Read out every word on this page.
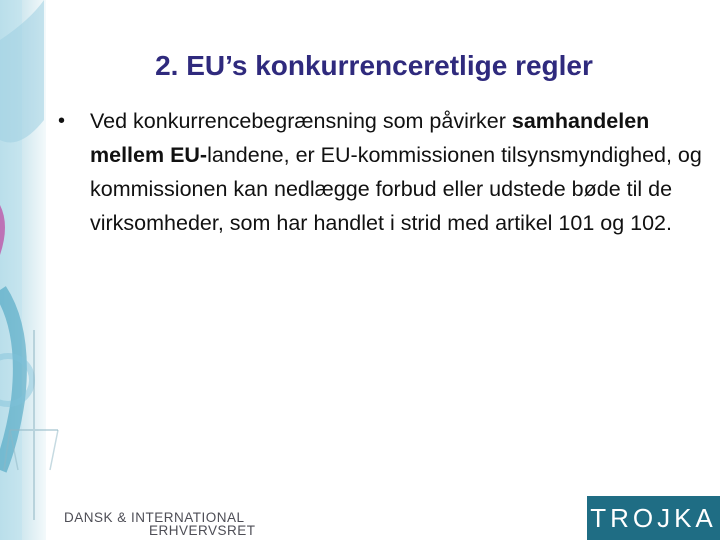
2. EU’s konkurrenceretlige regler
• Ved konkurrencebegrænsning som påvirker samhandelen mellem EU-landene, er EU-kommissionen tilsynsmyndighed, og kommissionen kan nedlægge forbud eller udstede bøde til de virksomheder, som har handlet i strid med artikel 101 og 102.
DANSK & INTERNATIONAL
ERHVERVSRET	TROJKA
